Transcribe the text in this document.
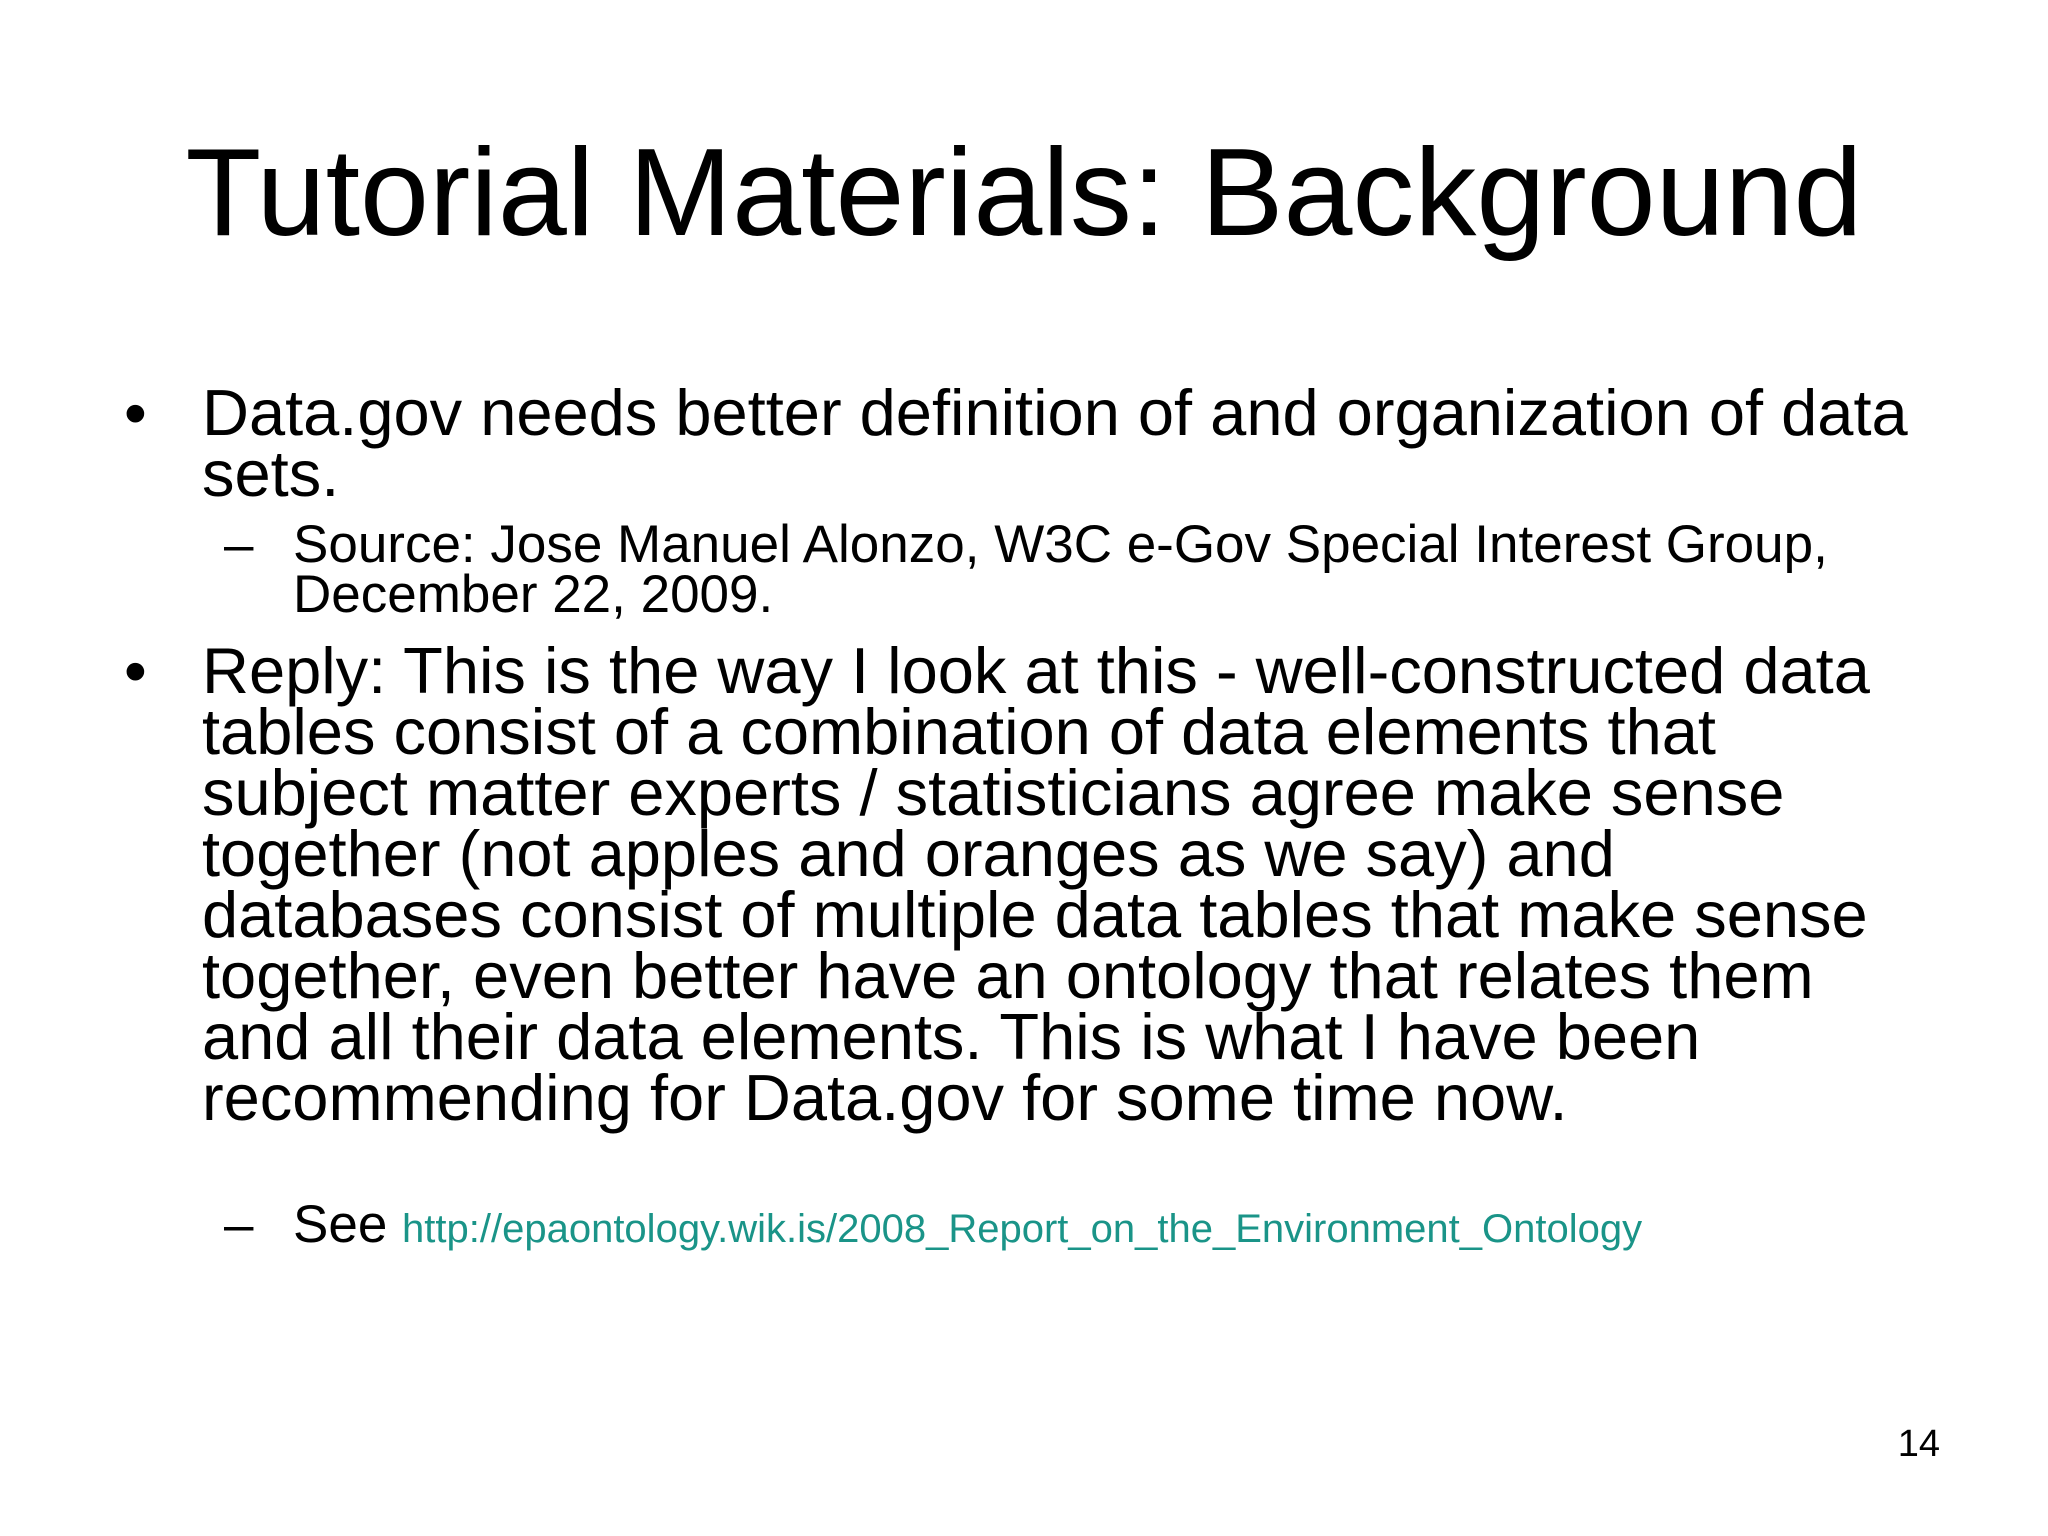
Tutorial Materials: Background
• Data.gov needs better definition of and organization of data sets.

– Source: Jose Manuel Alonzo, W3C e-Gov Special Interest Group, December 22, 2009.

• Reply: This is the way I look at this - well-constructed data tables consist of a combination of data elements that subject matter experts / statisticians agree make sense together (not apples and oranges as we say) and databases consist of multiple data tables that make sense together, even better have an ontology that relates them and all their data elements. This is what I have been recommending for Data.gov for some time now.

– See http://epaontology.wik.is/2008_Report_on_the_Environment_Ontology

14
